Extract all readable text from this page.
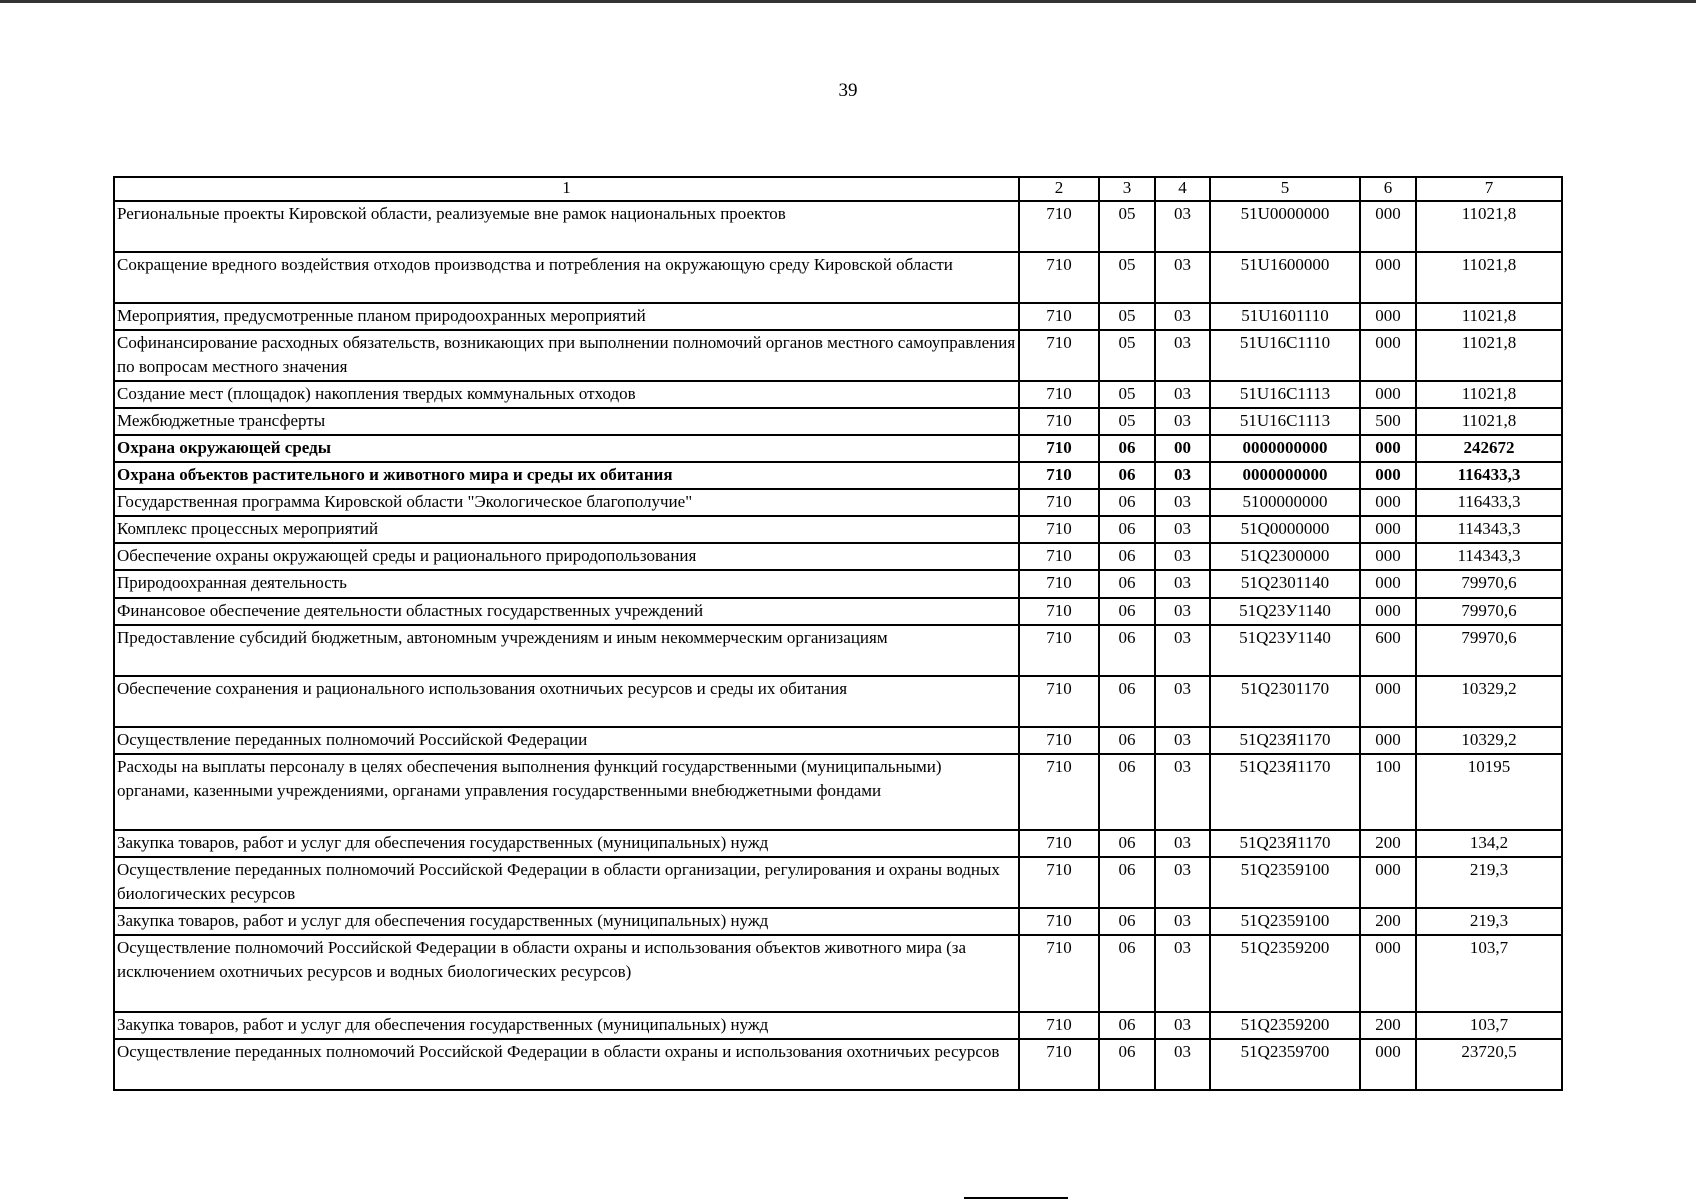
39
1	2	3	4	5	6	7
Региональные проекты Кировской области, реализуемые вне рамок национальных проектов	710	05	03	51U0000000	000	11021,8
Сокращение вредного воздействия отходов производства и потребления на окружающую среду Кировской области	710	05	03	51U1600000	000	11021,8
Мероприятия, предусмотренные планом природоохранных мероприятий	710	05	03	51U1601110	000	11021,8
Софинансирование расходных обязательств, возникающих при выполнении полномочий органов местного самоуправления по вопросам местного значения	710	05	03	51U16C1110	000	11021,8
Создание мест (площадок) накопления твердых коммунальных отходов	710	05	03	51U16C1113	000	11021,8
Межбюджетные трансферты	710	05	03	51U16C1113	500	11021,8
Охрана окружающей среды	710	06	00	0000000000	000	242672
Охрана объектов растительного и животного мира и среды их обитания	710	06	03	0000000000	000	116433,3
Государственная программа Кировской области "Экологическое благополучие"	710	06	03	5100000000	000	116433,3
Комплекс процессных мероприятий	710	06	03	51Q0000000	000	114343,3
Обеспечение охраны окружающей среды и рационального природопользования	710	06	03	51Q2300000	000	114343,3
Природоохранная деятельность	710	06	03	51Q2301140	000	79970,6
Финансовое обеспечение деятельности областных государственных учреждений	710	06	03	51Q23У1140	000	79970,6
Предоставление субсидий бюджетным, автономным учреждениям и иным некоммерческим организациям	710	06	03	51Q23У1140	600	79970,6
Обеспечение сохранения и рационального использования охотничьих ресурсов и среды их обитания	710	06	03	51Q2301170	000	10329,2
Осуществление переданных полномочий Российской Федерации	710	06	03	51Q23Я1170	000	10329,2
Расходы на выплаты персоналу в целях обеспечения выполнения функций государственными (муниципальными) органами, казенными учреждениями, органами управления государственными внебюджетными фондами	710	06	03	51Q23Я1170	100	10195
Закупка товаров, работ и услуг для обеспечения государственных (муниципальных) нужд	710	06	03	51Q23Я1170	200	134,2
Осуществление переданных полномочий Российской Федерации в области организации, регулирования и охраны водных биологических ресурсов	710	06	03	51Q2359100	000	219,3
Закупка товаров, работ и услуг для обеспечения государственных (муниципальных) нужд	710	06	03	51Q2359100	200	219,3
Осуществление полномочий Российской Федерации в области охраны и использования объектов животного мира (за исключением охотничьих ресурсов и водных биологических ресурсов)	710	06	03	51Q2359200	000	103,7
Закупка товаров, работ и услуг для обеспечения государственных (муниципальных) нужд	710	06	03	51Q2359200	200	103,7
Осуществление переданных полномочий Российской Федерации в области охраны и использования охотничьих ресурсов	710	06	03	51Q2359700	000	23720,5
